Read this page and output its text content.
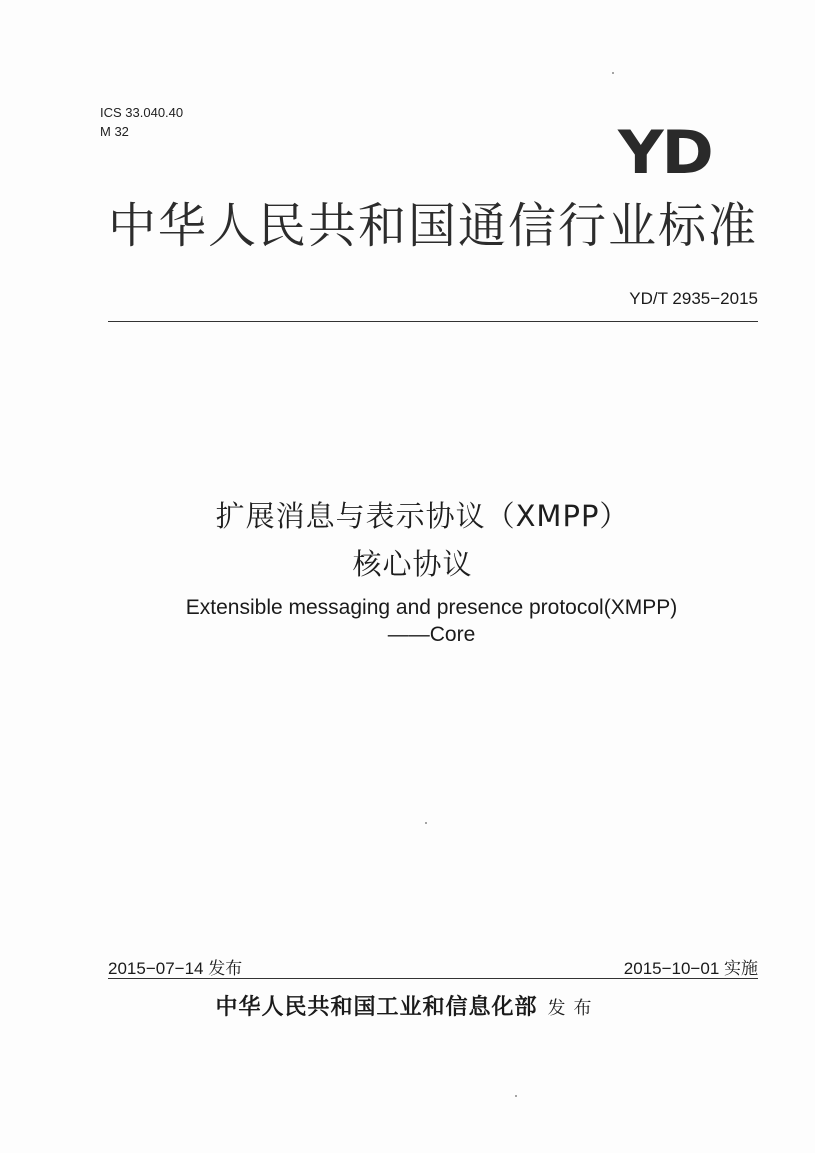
ICS 33.040.40
M 32	YD
中华人民共和国通信行业标准
YD/T 2935−2015
扩展消息与表示协议（XMPP）
核心协议
Extensible messaging and presence protocol(XMPP)
——Core
2015−07−14 发布	2015−10−01 实施
中华人民共和国工业和信息化部 发布
